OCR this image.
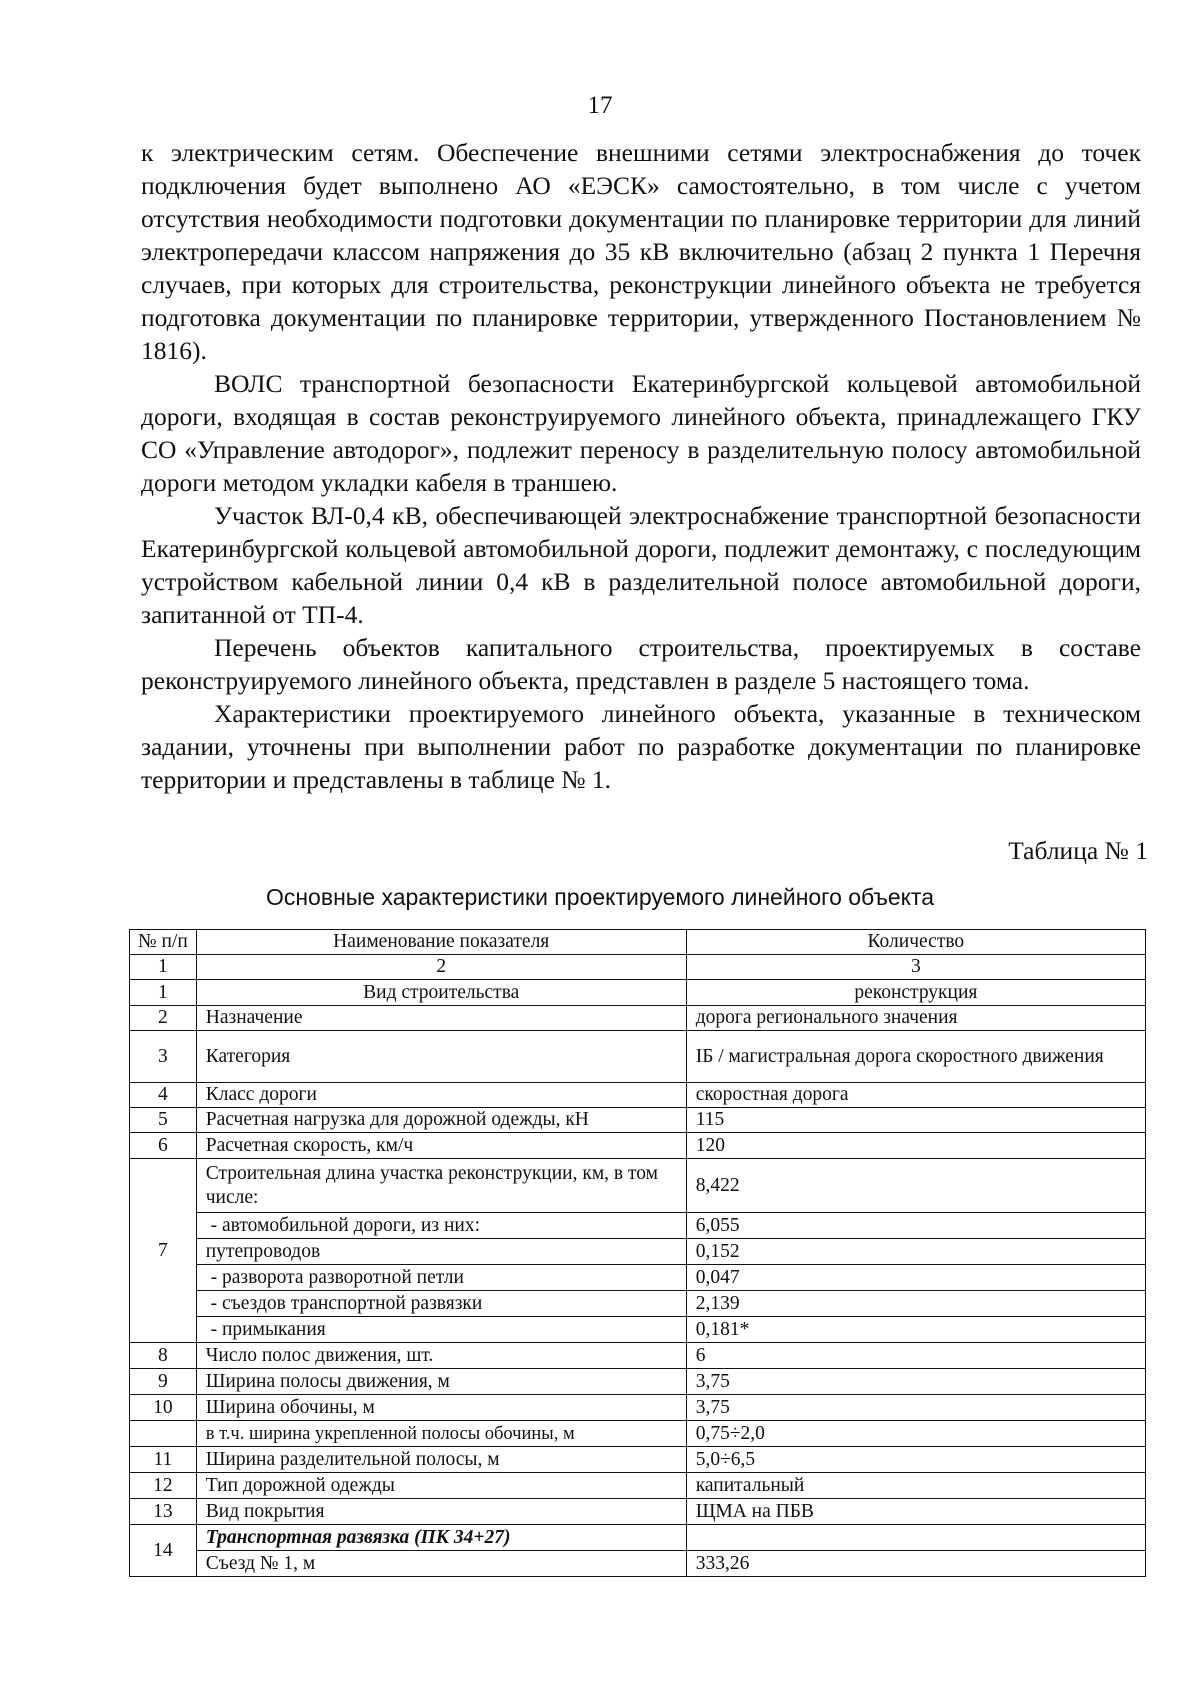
17

к электрическим сетям. Обеспечение внешними сетями электроснабжения до точек подключения будет выполнено АО «ЕЭСК» самостоятельно, в том числе с учетом отсутствия необходимости подготовки документации по планировке территории для линий электропередачи классом напряжения до 35 кВ включительно (абзац 2 пункта 1 Перечня случаев, при которых для строительства, реконструкции линейного объекта не требуется подготовка документации по планировке территории, утвержденного Постановлением № 1816).

ВОЛС транспортной безопасности Екатеринбургской кольцевой автомобильной дороги, входящая в состав реконструируемого линейного объекта, принадлежащего ГКУ СО «Управление автодорог», подлежит переносу в разделительную полосу автомобильной дороги методом укладки кабеля в траншею.

Участок ВЛ-0,4 кВ, обеспечивающей электроснабжение транспортной безопасности Екатеринбургской кольцевой автомобильной дороги, подлежит демонтажу, с последующим устройством кабельной линии 0,4 кВ в разделительной полосе автомобильной дороги, запитанной от ТП-4.

Перечень объектов капитального строительства, проектируемых в составе реконструируемого линейного объекта, представлен в разделе 5 настоящего тома.

Характеристики проектируемого линейного объекта, указанные в техническом задании, уточнены при выполнении работ по разработке документации по планировке территории и представлены в таблице № 1.

Таблица № 1
Основные характеристики проектируемого линейного объекта
№ п/п	Наименование показателя	Количество
1	2	3
1	Вид строительства	реконструкция
2	Назначение	дорога регионального значения
3	Категория	IБ / магистральная дорога скоростного движения
4	Класс дороги	скоростная дорога
5	Расчетная нагрузка для дорожной одежды, кН	115
6	Расчетная скорость, км/ч	120
7	Строительная длина участка реконструкции, км, в том числе:	8,422
	- автомобильной дороги, из них:	6,055
	путепроводов	0,152
	- разворота разворотной петли	0,047
	- съездов транспортной развязки	2,139
	- примыкания	0,181*
8	Число полос движения, шт.	6
9	Ширина полосы движения, м	3,75
10	Ширина обочины, м	3,75
	в т.ч. ширина укрепленной полосы обочины, м	0,75÷2,0
11	Ширина разделительной полосы, м	5,0÷6,5
12	Тип дорожной одежды	капитальный
13	Вид покрытия	ЩМА на ПБВ
14	Транспортная развязка (ПК 34+27)	
	Съезд № 1, м	333,26
